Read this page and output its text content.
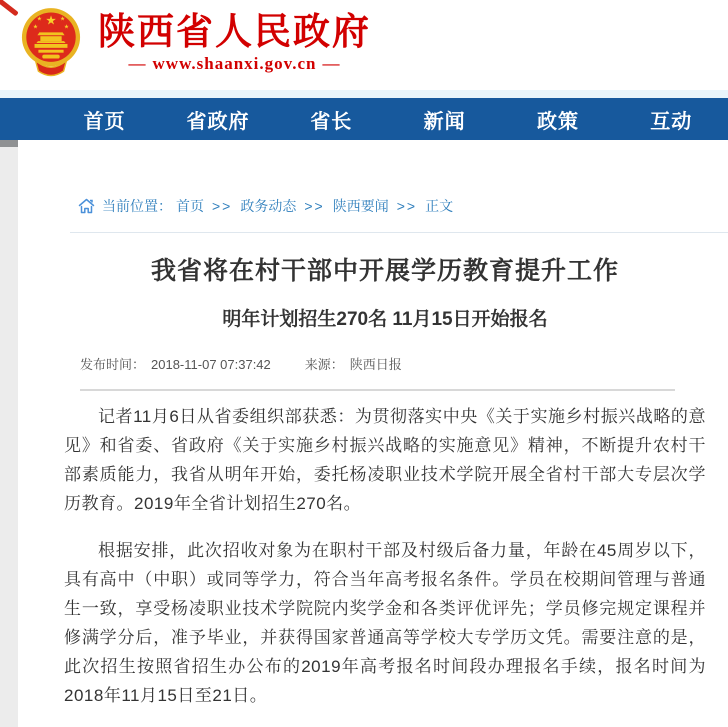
★
★	★
★	★ 陕西省人民政府
— www.shaanxi.gov.cn —
首页	省政府	省长	新闻	政策	互动
当前位置： 首页 >> 政务动态 >> 陕西要闻 >> 正文
我省将在村干部中开展学历教育提升工作
明年计划招生270名 11月15日开始报名
发布时间： 2018-11-07 07:37:42	来源： 陕西日报

记者11月6日从省委组织部获悉：为贯彻落实中央《关于实施乡村振兴战略的意见》和省委、省政府《关于实施乡村振兴战略的实施意见》精神，不断提升农村干部素质能力，我省从明年开始，委托杨凌职业技术学院开展全省村干部大专层次学历教育。2019年全省计划招生270名。

根据安排，此次招收对象为在职村干部及村级后备力量，年龄在45周岁以下，具有高中（中职）或同等学力，符合当年高考报名条件。学员在校期间管理与普通生一致，享受杨凌职业技术学院院内奖学金和各类评优评先；学员修完规定课程并修满学分后，准予毕业，并获得国家普通高等学校大专学历文凭。需要注意的是，此次招生按照省招生办公布的2019年高考报名时间段办理报名手续，报名时间为2018年11月15日至21日。
